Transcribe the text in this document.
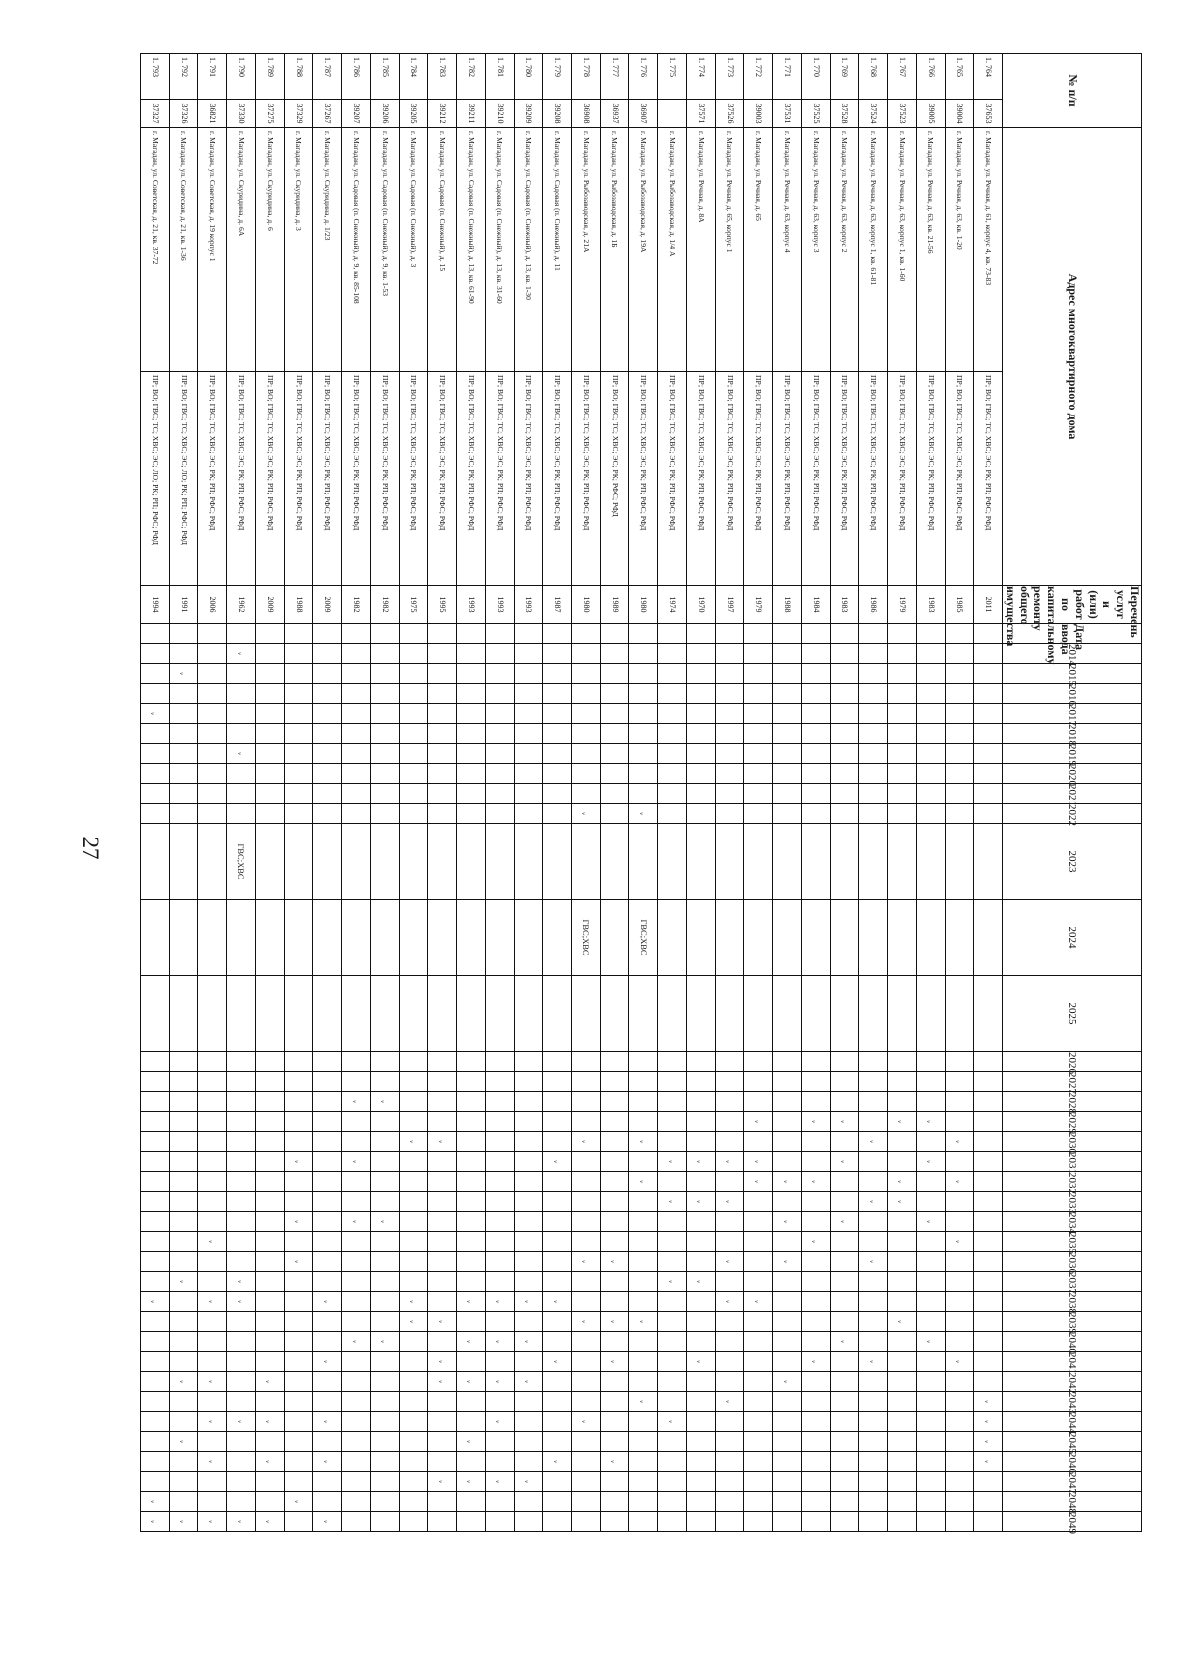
27
№ п/п		Адрес многоквартирного дома		Перечень услуг и (или) работ по капитальному ремонту общего имущества	Дата ввода	2014	2015	2016	2017	2018	2019	2020	2021	2022	2023	2024	2025	2026	2027	2028	2029	2030	2031	2032	2033	2034	2035	2036	2037	2038	2039	2040	2041	2042	2043	2044	2045	2046	2047	2048	2049	
1. 764	37653	г. Магадан, ул. Речная, д. 61, корпус 4, кв. 73-83	ПР; ВО; ГВС; ТС; ХВС; ЭС; РК; РП; РФС; РФД	2011																															ᵥ	ᵥ	ᵥ	ᵥ				
1. 765	39004	г. Магадан, ул. Речная, д. 63, кв. 1-20	ПР; ВО; ГВС; ТС; ХВС; ЭС; РК; РП; РФС; РФД	1985																		ᵥ		ᵥ			ᵥ						ᵥ									
1. 766	39005	г. Магадан, ул. Речная, д. 63, кв. 21-56	ПР; ВО; ГВС; ТС; ХВС; ЭС; РК; РП; РФС; РФД	1983																	ᵥ		ᵥ			ᵥ						ᵥ										
1. 767	37523	г. Магадан, ул. Речная, д. 63, корпус 1, кв. 1-60	ПР; ВО; ГВС; ТС; ХВС; ЭС; РК; РП; РФС; РФД	1979																	ᵥ			ᵥ	ᵥ						ᵥ											
1. 768	37524	г. Магадан, ул. Речная, д. 63, корпус 1, кв. 61-81	ПР; ВО; ГВС; ТС; ХВС; ЭС; РК; РП; РФС; РФД	1986																		ᵥ			ᵥ			ᵥ					ᵥ									
1. 769	37528	г. Магадан, ул. Речная, д. 63, корпус 2	ПР; ВО; ГВС; ТС; ХВС; ЭС; РК; РП; РФС; РФД	1983																	ᵥ		ᵥ			ᵥ						ᵥ										
1. 770	37525	г. Магадан, ул. Речная, д. 63, корпус 3	ПР; ВО; ГВС; ТС; ХВС; ЭС; РК; РП; РФС; РФД	1984																	ᵥ			ᵥ			ᵥ						ᵥ									
1. 771	37531	г. Магадан, ул. Речная, д. 63, корпус 4	ПР; ВО; ГВС; ТС; ХВС; ЭС; РК; РП; РФС; РФД	1988																				ᵥ		ᵥ		ᵥ						ᵥ								
1. 772	39003	г. Магадан, ул. Речная, д. 65	ПР; ВО; ГВС; ТС; ХВС; ЭС; РК; РП; РФС; РФД	1979																	ᵥ		ᵥ	ᵥ						ᵥ												
1. 773	37526	г. Магадан, ул. Речная, д. 65, корпус 1	ПР; ВО; ГВС; ТС; ХВС; ЭС; РК; РП; РФС; РФД	1997																			ᵥ		ᵥ			ᵥ		ᵥ					ᵥ							
1. 774	37571	г. Магадан, ул. Речная, д. 8А	ПР; ВО; ГВС; ТС; ХВС; ЭС; РК; РП; РФС; РФД	1970																			ᵥ		ᵥ				ᵥ				ᵥ									
1. 775		г. Магадан, ул. Рыбозаводская, д. 1/4 А	ПР; ВО; ГВС; ТС; ХВС; ЭС; РК; РП; РФС; РФД	1974																			ᵥ		ᵥ				ᵥ							ᵥ						
1. 776	36907	г. Магадан, ул. Рыбозаводская, д. 19А	ПР; ВО; ГВС; ТС; ХВС; ЭС; РК; РП; РФС; РФД	1980										ᵥ		ГВС;ХВС						ᵥ		ᵥ							ᵥ				ᵥ							
1. 777	36937	г. Магадан, ул. Рыбозаводская, д. 1Б	ПР; ВО; ГВС; ТС; ХВС; ЭС; РК; РФС; РФД	1989																								ᵥ			ᵥ		ᵥ					ᵥ				
1. 778	36908	г. Магадан, ул. Рыбозаводская, д. 21А	ПР; ВО; ГВС; ТС; ХВС; ЭС; РК; РП; РФС; РФД	1980										ᵥ		ГВС;ХВС						ᵥ						ᵥ			ᵥ					ᵥ						
1. 779	39208	г. Магадан, ул. Садовая (п. Снежный), д. 11	ПР; ВО; ГВС; ТС; ХВС; ЭС; РК; РП; РФС; РФД	1987																			ᵥ							ᵥ			ᵥ					ᵥ				
1. 780	39209	г. Магадан, ул. Садовая (п. Снежный), д. 13, кв. 1-30	ПР; ВО; ГВС; ТС; ХВС; ЭС; РК; РП; РФС; РФД	1993																										ᵥ		ᵥ		ᵥ					ᵥ			
1. 781	39210	г. Магадан, ул. Садовая (п. Снежный), д. 13, кв. 31-60	ПР; ВО; ГВС; ТС; ХВС; ЭС; РК; РП; РФС; РФД	1993																										ᵥ		ᵥ		ᵥ		ᵥ			ᵥ			
1. 782	39211	г. Магадан, ул. Садовая (п. Снежный), д. 13, кв. 61-90	ПР; ВО; ГВС; ТС; ХВС; ЭС; РК; РП; РФС; РФД	1993																										ᵥ		ᵥ		ᵥ			ᵥ		ᵥ			
1. 783	39212	г. Магадан, ул. Садовая (п. Снежный), д. 15	ПР; ВО; ГВС; ТС; ХВС; ЭС; РК; РП; РФС; РФД	1995																		ᵥ									ᵥ		ᵥ	ᵥ					ᵥ			
1. 784	39205	г. Магадан, ул. Садовая (п. Снежный), д. 3	ПР; ВО; ГВС; ТС; ХВС; ЭС; РК; РП; РФС; РФД	1975																		ᵥ								ᵥ	ᵥ											
1. 785	39206	г. Магадан, ул. Садовая (п. Снежный), д. 9, кв. 1-53	ПР; ВО; ГВС; ТС; ХВС; ЭС; РК; РП; РФС; РФД	1982																ᵥ						ᵥ						ᵥ										
1. 786	39207	г. Магадан, ул. Садовая (п. Снежный), д. 9, кв. 85-108	ПР; ВО; ГВС; ТС; ХВС; ЭС; РК; РП; РФС; РФД	1982																ᵥ			ᵥ			ᵥ						ᵥ										
1. 787	37267	г. Магадан, ул. Скуридина, д. 1/23	ПР; ВО; ГВС; ТС; ХВС; ЭС; РК; РП; РФС; РФД	2009																										ᵥ			ᵥ			ᵥ		ᵥ			ᵥ	
1. 788	37329	г. Магадан, ул. Скуридина, д. 3	ПР; ВО; ГВС; ТС; ХВС; ЭС; РК; РП; РФС; РФД	1988																			ᵥ			ᵥ		ᵥ												ᵥ		
1. 789	37275	г. Магадан, ул. Скуридина, д. 6	ПР; ВО; ГВС; ТС; ХВС; ЭС; РК; РП; РФС; РФД	2009																														ᵥ		ᵥ		ᵥ			ᵥ	
1. 790	37330	г. Магадан, ул. Скуридина, д. 6А	ПР; ВО; ГВС; ТС; ХВС; ЭС; РК; РП; РФС; РФД	1962		ᵥ					ᵥ				ГВС;ХВС														ᵥ	ᵥ						ᵥ					ᵥ	
1. 791	36821	г. Магадан, ул. Советская, д. 19 корпус 1	ПР; ВО; ГВС; ТС; ХВС; ЭС; РК; РП; РФС; РФД	2006																							ᵥ			ᵥ				ᵥ		ᵥ		ᵥ			ᵥ	
1. 792	37326	г. Магадан, ул. Советская, д. 21, кв. 1-36	ПР; ВО; ГВС; ТС; ХВС; ЭС; ЛО; РК; РП; РФС; РФД	1991			ᵥ																						ᵥ					ᵥ			ᵥ				ᵥ	
1. 793	37327	г. Магадан, ул. Советская, д. 21, кв. 37-72	ПР; ВО; ГВС; ТС; ХВС; ЭС; ЛО; РК; РП; РФС; РФД	1994					ᵥ																					ᵥ										ᵥ	ᵥ	
